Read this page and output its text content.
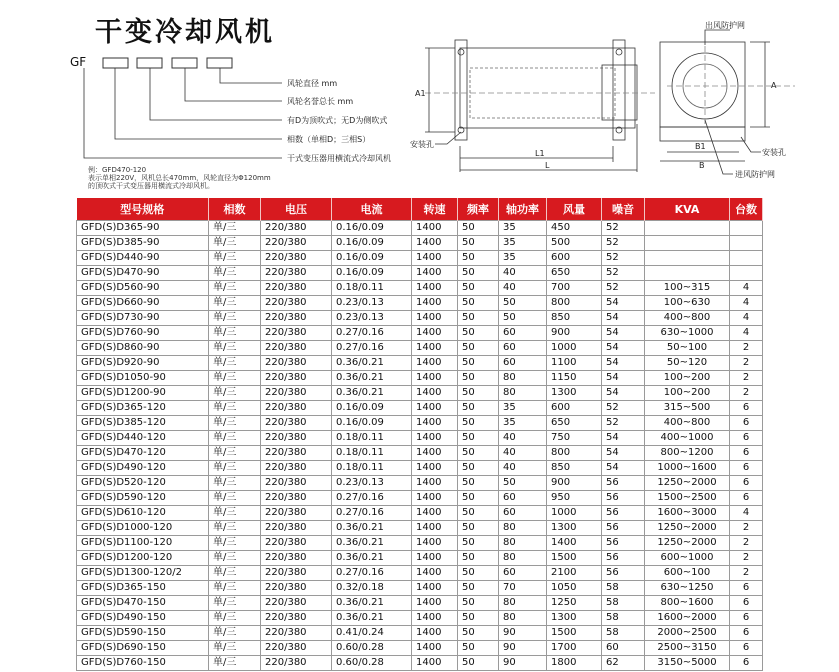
干变冷却风机
GF
风轮直径 mm
风轮名誉总长 mm
有D为顶吹式；无D为侧吹式
相数（单相D；三相S）
干式变压器用横流式冷却风机
例：GFD470-120
表示单相220V，风机总长470mm，风轮直径为Φ120mm
的顶吹式干式变压器用横流式冷却风机。
A1
L1
L
安装孔
出风防护网
A
B1
B
安装孔
进风防护网
型号规格	相数	电压	电流	转速	频率	轴功率	风量	噪音	KVA	台数
GFD(S)D365-90	单/三	220/380	0.16/0.09	1400	50	35	450	52		
GFD(S)D385-90	单/三	220/380	0.16/0.09	1400	50	35	500	52		
GFD(S)D440-90	单/三	220/380	0.16/0.09	1400	50	35	600	52		
GFD(S)D470-90	单/三	220/380	0.16/0.09	1400	50	40	650	52		
GFD(S)D560-90	单/三	220/380	0.18/0.11	1400	50	40	700	52	100~315	4
GFD(S)D660-90	单/三	220/380	0.23/0.13	1400	50	50	800	54	100~630	4
GFD(S)D730-90	单/三	220/380	0.23/0.13	1400	50	50	850	54	400~800	4
GFD(S)D760-90	单/三	220/380	0.27/0.16	1400	50	60	900	54	630~1000	4
GFD(S)D860-90	单/三	220/380	0.27/0.16	1400	50	60	1000	54	50~100	2
GFD(S)D920-90	单/三	220/380	0.36/0.21	1400	50	60	1100	54	50~120	2
GFD(S)D1050-90	单/三	220/380	0.36/0.21	1400	50	80	1150	54	100~200	2
GFD(S)D1200-90	单/三	220/380	0.36/0.21	1400	50	80	1300	54	100~200	2
GFD(S)D365-120	单/三	220/380	0.16/0.09	1400	50	35	600	52	315~500	6
GFD(S)D385-120	单/三	220/380	0.16/0.09	1400	50	35	650	52	400~800	6
GFD(S)D440-120	单/三	220/380	0.18/0.11	1400	50	40	750	54	400~1000	6
GFD(S)D470-120	单/三	220/380	0.18/0.11	1400	50	40	800	54	800~1200	6
GFD(S)D490-120	单/三	220/380	0.18/0.11	1400	50	40	850	54	1000~1600	6
GFD(S)D520-120	单/三	220/380	0.23/0.13	1400	50	50	900	56	1250~2000	6
GFD(S)D590-120	单/三	220/380	0.27/0.16	1400	50	60	950	56	1500~2500	6
GFD(S)D610-120	单/三	220/380	0.27/0.16	1400	50	60	1000	56	1600~3000	4
GFD(S)D1000-120	单/三	220/380	0.36/0.21	1400	50	80	1300	56	1250~2000	2
GFD(S)D1100-120	单/三	220/380	0.36/0.21	1400	50	80	1400	56	1250~2000	2
GFD(S)D1200-120	单/三	220/380	0.36/0.21	1400	50	80	1500	56	600~1000	2
GFD(S)D1300-120/2	单/三	220/380	0.27/0.16	1400	50	60	2100	56	600~100	2
GFD(S)D365-150	单/三	220/380	0.32/0.18	1400	50	70	1050	58	630~1250	6
GFD(S)D470-150	单/三	220/380	0.36/0.21	1400	50	80	1250	58	800~1600	6
GFD(S)D490-150	单/三	220/380	0.36/0.21	1400	50	80	1300	58	1600~2000	6
GFD(S)D590-150	单/三	220/380	0.41/0.24	1400	50	90	1500	58	2000~2500	6
GFD(S)D690-150	单/三	220/380	0.60/0.28	1400	50	90	1700	60	2500~3150	6
GFD(S)D760-150	单/三	220/380	0.60/0.28	1400	50	90	1800	62	3150~5000	6
